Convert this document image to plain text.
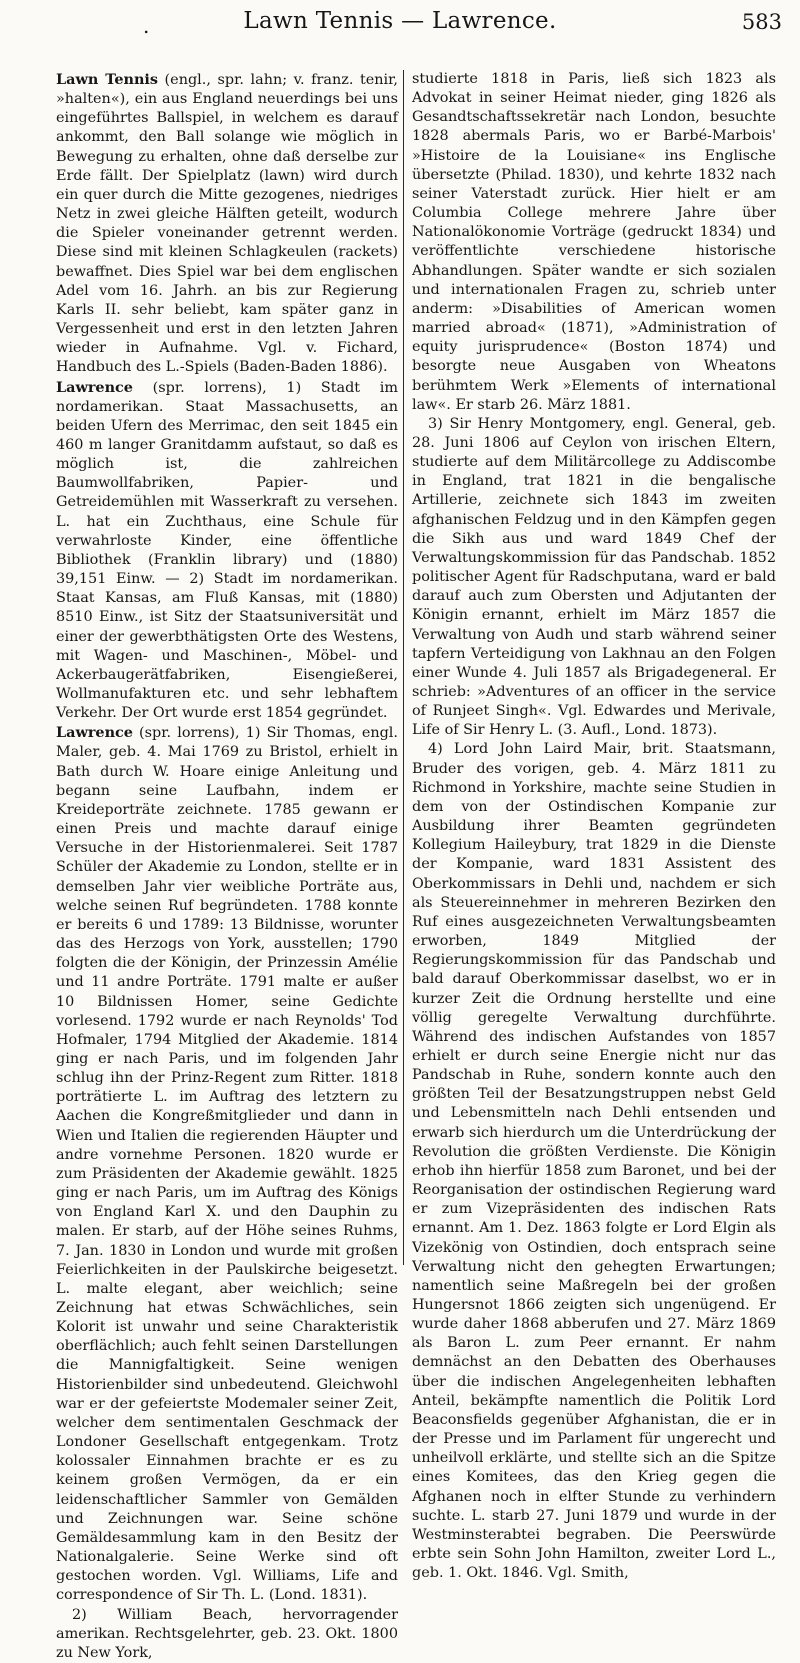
.	Lawn Tennis — Lawrence.	583

Lawn Tennis (engl., spr. lahn; v. franz. tenir, »halten«), ein aus England neuerdings bei uns eingeführtes Ballspiel, in welchem es darauf ankommt, den Ball solange wie möglich in Bewegung zu erhalten, ohne daß derselbe zur Erde fällt. Der Spielplatz (lawn) wird durch ein quer durch die Mitte gezogenes, niedriges Netz in zwei gleiche Hälften geteilt, wodurch die Spieler voneinander getrennt werden. Diese sind mit kleinen Schlagkeulen (rackets) bewaffnet. Dies Spiel war bei dem englischen Adel vom 16. Jahrh. an bis zur Regierung Karls II. sehr beliebt, kam später ganz in Vergessenheit und erst in den letzten Jahren wieder in Aufnahme. Vgl. v. Fichard, Handbuch des L.-Spiels (Baden-Baden 1886).

Lawrence (spr. lorrens), 1) Stadt im nordamerikan. Staat Massachusetts, an beiden Ufern des Merrimac, den seit 1845 ein 460 m langer Granitdamm aufstaut, so daß es möglich ist, die zahlreichen Baumwollfabriken, Papier- und Getreidemühlen mit Wasserkraft zu versehen. L. hat ein Zuchthaus, eine Schule für verwahrloste Kinder, eine öffentliche Bibliothek (Franklin library) und (1880) 39,151 Einw. — 2) Stadt im nordamerikan. Staat Kansas, am Fluß Kansas, mit (1880) 8510 Einw., ist Sitz der Staatsuniversität und einer der gewerbthätigsten Orte des Westens, mit Wagen- und Maschinen-, Möbel- und Ackerbaugerätfabriken, Eisengießerei, Wollmanufakturen etc. und sehr lebhaftem Verkehr. Der Ort wurde erst 1854 gegründet.

Lawrence (spr. lorrens), 1) Sir Thomas, engl. Maler, geb. 4. Mai 1769 zu Bristol, erhielt in Bath durch W. Hoare einige Anleitung und begann seine Laufbahn, indem er Kreideporträte zeichnete. 1785 gewann er einen Preis und machte darauf einige Versuche in der Historienmalerei. Seit 1787 Schüler der Akademie zu London, stellte er in demselben Jahr vier weibliche Porträte aus, welche seinen Ruf begründeten. 1788 konnte er bereits 6 und 1789: 13 Bildnisse, worunter das des Herzogs von York, ausstellen; 1790 folgten die der Königin, der Prinzessin Amélie und 11 andre Porträte. 1791 malte er außer 10 Bildnissen Homer, seine Gedichte vorlesend. 1792 wurde er nach Reynolds' Tod Hofmaler, 1794 Mitglied der Akademie. 1814 ging er nach Paris, und im folgenden Jahr schlug ihn der Prinz-Regent zum Ritter. 1818 porträtierte L. im Auftrag des letztern zu Aachen die Kongreßmitglieder und dann in Wien und Italien die regierenden Häupter und andre vornehme Personen. 1820 wurde er zum Präsidenten der Akademie gewählt. 1825 ging er nach Paris, um im Auftrag des Königs von England Karl X. und den Dauphin zu malen. Er starb, auf der Höhe seines Ruhms, 7. Jan. 1830 in London und wurde mit großen Feierlichkeiten in der Paulskirche beigesetzt. L. malte elegant, aber weichlich; seine Zeichnung hat etwas Schwächliches, sein Kolorit ist unwahr und seine Charakteristik oberflächlich; auch fehlt seinen Darstellungen die Mannigfaltigkeit. Seine wenigen Historienbilder sind unbedeutend. Gleichwohl war er der gefeiertste Modemaler seiner Zeit, welcher dem sentimentalen Geschmack der Londoner Gesellschaft entgegenkam. Trotz kolossaler Einnahmen brachte er es zu keinem großen Vermögen, da er ein leidenschaftlicher Sammler von Gemälden und Zeichnungen war. Seine schöne Gemäldesammlung kam in den Besitz der Nationalgalerie. Seine Werke sind oft gestochen worden. Vgl. Williams, Life and correspondence of Sir Th. L. (Lond. 1831).

2) William Beach, hervorragender amerikan. Rechtsgelehrter, geb. 23. Okt. 1800 zu New York,

studierte 1818 in Paris, ließ sich 1823 als Advokat in seiner Heimat nieder, ging 1826 als Gesandtschaftssekretär nach London, besuchte 1828 abermals Paris, wo er Barbé-Marbois' »Histoire de la Louisiane« ins Englische übersetzte (Philad. 1830), und kehrte 1832 nach seiner Vaterstadt zurück. Hier hielt er am Columbia College mehrere Jahre über Nationalökonomie Vorträge (gedruckt 1834) und veröffentlichte verschiedene historische Abhandlungen. Später wandte er sich sozialen und internationalen Fragen zu, schrieb unter anderm: »Disabilities of American women married abroad« (1871), »Administration of equity jurisprudence« (Boston 1874) und besorgte neue Ausgaben von Wheatons berühmtem Werk »Elements of international law«. Er starb 26. März 1881.

3) Sir Henry Montgomery, engl. General, geb. 28. Juni 1806 auf Ceylon von irischen Eltern, studierte auf dem Militärcollege zu Addiscombe in England, trat 1821 in die bengalische Artillerie, zeichnete sich 1843 im zweiten afghanischen Feldzug und in den Kämpfen gegen die Sikh aus und ward 1849 Chef der Verwaltungskommission für das Pandschab. 1852 politischer Agent für Radschputana, ward er bald darauf auch zum Obersten und Adjutanten der Königin ernannt, erhielt im März 1857 die Verwaltung von Audh und starb während seiner tapfern Verteidigung von Lakhnau an den Folgen einer Wunde 4. Juli 1857 als Brigadegeneral. Er schrieb: »Adventures of an officer in the service of Runjeet Singh«. Vgl. Edwardes und Merivale, Life of Sir Henry L. (3. Aufl., Lond. 1873).

4) Lord John Laird Mair, brit. Staatsmann, Bruder des vorigen, geb. 4. März 1811 zu Richmond in Yorkshire, machte seine Studien in dem von der Ostindischen Kompanie zur Ausbildung ihrer Beamten gegründeten Kollegium Haileybury, trat 1829 in die Dienste der Kompanie, ward 1831 Assistent des Oberkommissars in Dehli und, nachdem er sich als Steuereinnehmer in mehreren Bezirken den Ruf eines ausgezeichneten Verwaltungsbeamten erworben, 1849 Mitglied der Regierungskommission für das Pandschab und bald darauf Oberkommissar daselbst, wo er in kurzer Zeit die Ordnung herstellte und eine völlig geregelte Verwaltung durchführte. Während des indischen Aufstandes von 1857 erhielt er durch seine Energie nicht nur das Pandschab in Ruhe, sondern konnte auch den größten Teil der Besatzungstruppen nebst Geld und Lebensmitteln nach Dehli entsenden und erwarb sich hierdurch um die Unterdrückung der Revolution die größten Verdienste. Die Königin erhob ihn hierfür 1858 zum Baronet, und bei der Reorganisation der ostindischen Regierung ward er zum Vizepräsidenten des indischen Rats ernannt. Am 1. Dez. 1863 folgte er Lord Elgin als Vizekönig von Ostindien, doch entsprach seine Verwaltung nicht den gehegten Erwartungen; namentlich seine Maßregeln bei der großen Hungersnot 1866 zeigten sich ungenügend. Er wurde daher 1868 abberufen und 27. März 1869 als Baron L. zum Peer ernannt. Er nahm demnächst an den Debatten des Oberhauses über die indischen Angelegenheiten lebhaften Anteil, bekämpfte namentlich die Politik Lord Beaconsfields gegenüber Afghanistan, die er in der Presse und im Parlament für ungerecht und unheilvoll erklärte, und stellte sich an die Spitze eines Komitees, das den Krieg gegen die Afghanen noch in elfter Stunde zu verhindern suchte. L. starb 27. Juni 1879 und wurde in der Westminsterabtei begraben. Die Peerswürde erbte sein Sohn John Hamilton, zweiter Lord L., geb. 1. Okt. 1846. Vgl. Smith,
